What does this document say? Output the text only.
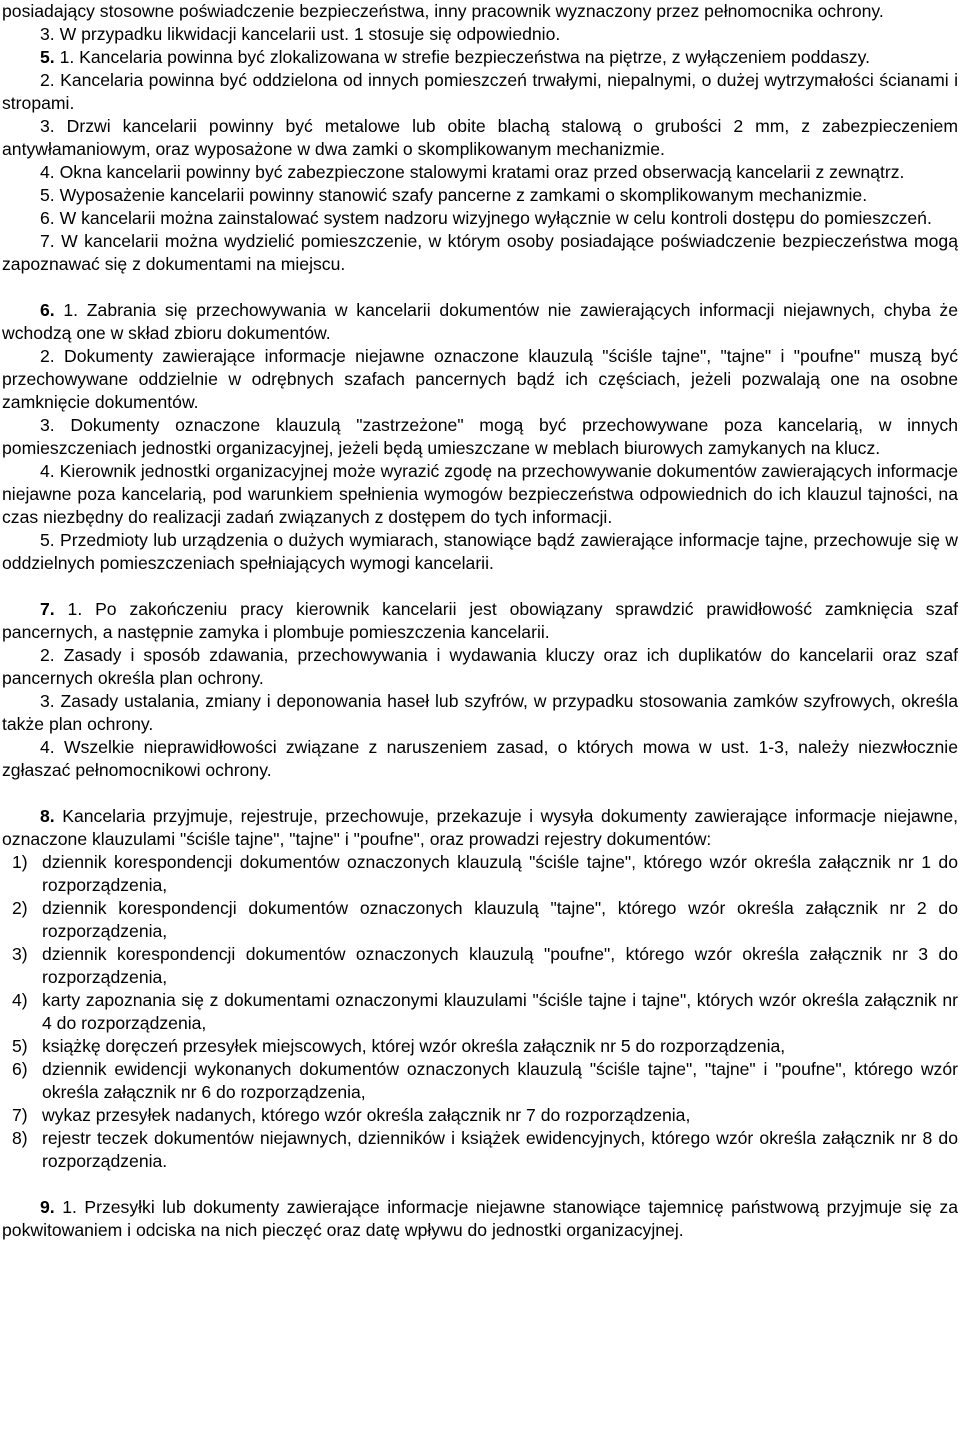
posiadający stosowne poświadczenie bezpieczeństwa, inny pracownik wyznaczony przez pełnomocnika ochrony.

3. W przypadku likwidacji kancelarii ust. 1 stosuje się odpowiednio.

5. 1. Kancelaria powinna być zlokalizowana w strefie bezpieczeństwa na piętrze, z wyłączeniem poddaszy.

2. Kancelaria powinna być oddzielona od innych pomieszczeń trwałymi, niepalnymi, o dużej wytrzymałości ścianami i stropami.

3. Drzwi kancelarii powinny być metalowe lub obite blachą stalową o grubości 2 mm, z zabezpieczeniem antywłamaniowym, oraz wyposażone w dwa zamki o skomplikowanym mechanizmie.

4. Okna kancelarii powinny być zabezpieczone stalowymi kratami oraz przed obserwacją kancelarii z zewnątrz.

5. Wyposażenie kancelarii powinny stanowić szafy pancerne z zamkami o skomplikowanym mechanizmie.

6. W kancelarii można zainstalować system nadzoru wizyjnego wyłącznie w celu kontroli dostępu do pomieszczeń.

7. W kancelarii można wydzielić pomieszczenie, w którym osoby posiadające poświadczenie bezpieczeństwa mogą zapoznawać się z dokumentami na miejscu.

6. 1. Zabrania się przechowywania w kancelarii dokumentów nie zawierających informacji niejawnych, chyba że wchodzą one w skład zbioru dokumentów.

2. Dokumenty zawierające informacje niejawne oznaczone klauzulą "ściśle tajne", "tajne" i "poufne" muszą być przechowywane oddzielnie w odrębnych szafach pancernych bądź ich częściach, jeżeli pozwalają one na osobne zamknięcie dokumentów.

3. Dokumenty oznaczone klauzulą "zastrzeżone" mogą być przechowywane poza kancelarią, w innych pomieszczeniach jednostki organizacyjnej, jeżeli będą umieszczane w meblach biurowych zamykanych na klucz.

4. Kierownik jednostki organizacyjnej może wyrazić zgodę na przechowywanie dokumentów zawierających informacje niejawne poza kancelarią, pod warunkiem spełnienia wymogów bezpieczeństwa odpowiednich do ich klauzul tajności, na czas niezbędny do realizacji zadań związanych z dostępem do tych informacji.

5. Przedmioty lub urządzenia o dużych wymiarach, stanowiące bądź zawierające informacje tajne, przechowuje się w oddzielnych pomieszczeniach spełniających wymogi kancelarii.

7. 1. Po zakończeniu pracy kierownik kancelarii jest obowiązany sprawdzić prawidłowość zamknięcia szaf pancernych, a następnie zamyka i plombuje pomieszczenia kancelarii.

2. Zasady i sposób zdawania, przechowywania i wydawania kluczy oraz ich duplikatów do kancelarii oraz szaf pancernych określa plan ochrony.

3. Zasady ustalania, zmiany i deponowania haseł lub szyfrów, w przypadku stosowania zamków szyfrowych, określa także plan ochrony.

4. Wszelkie nieprawidłowości związane z naruszeniem zasad, o których mowa w ust. 1-3, należy niezwłocznie zgłaszać pełnomocnikowi ochrony.

8. Kancelaria przyjmuje, rejestruje, przechowuje, przekazuje i wysyła dokumenty zawierające informacje niejawne, oznaczone klauzulami "ściśle tajne", "tajne" i "poufne", oraz prowadzi rejestry dokumentów:

1) dziennik korespondencji dokumentów oznaczonych klauzulą "ściśle tajne", którego wzór określa załącznik nr 1 do rozporządzenia,
2) dziennik korespondencji dokumentów oznaczonych klauzulą "tajne", którego wzór określa załącznik nr 2 do rozporządzenia,
3) dziennik korespondencji dokumentów oznaczonych klauzulą "poufne", którego wzór określa załącznik nr 3 do rozporządzenia,
4) karty zapoznania się z dokumentami oznaczonymi klauzulami "ściśle tajne i tajne", których wzór określa załącznik nr 4 do rozporządzenia,
5) książkę doręczeń przesyłek miejscowych, której wzór określa załącznik nr 5 do rozporządzenia,
6) dziennik ewidencji wykonanych dokumentów oznaczonych klauzulą "ściśle tajne", "tajne" i "poufne", którego wzór określa załącznik nr 6 do rozporządzenia,
7) wykaz przesyłek nadanych, którego wzór określa załącznik nr 7 do rozporządzenia,
8) rejestr teczek dokumentów niejawnych, dzienników i książek ewidencyjnych, którego wzór określa załącznik nr 8 do rozporządzenia.

9. 1. Przesyłki lub dokumenty zawierające informacje niejawne stanowiące tajemnicę państwową przyjmuje się za pokwitowaniem i odciska na nich pieczęć oraz datę wpływu do jednostki organizacyjnej.
